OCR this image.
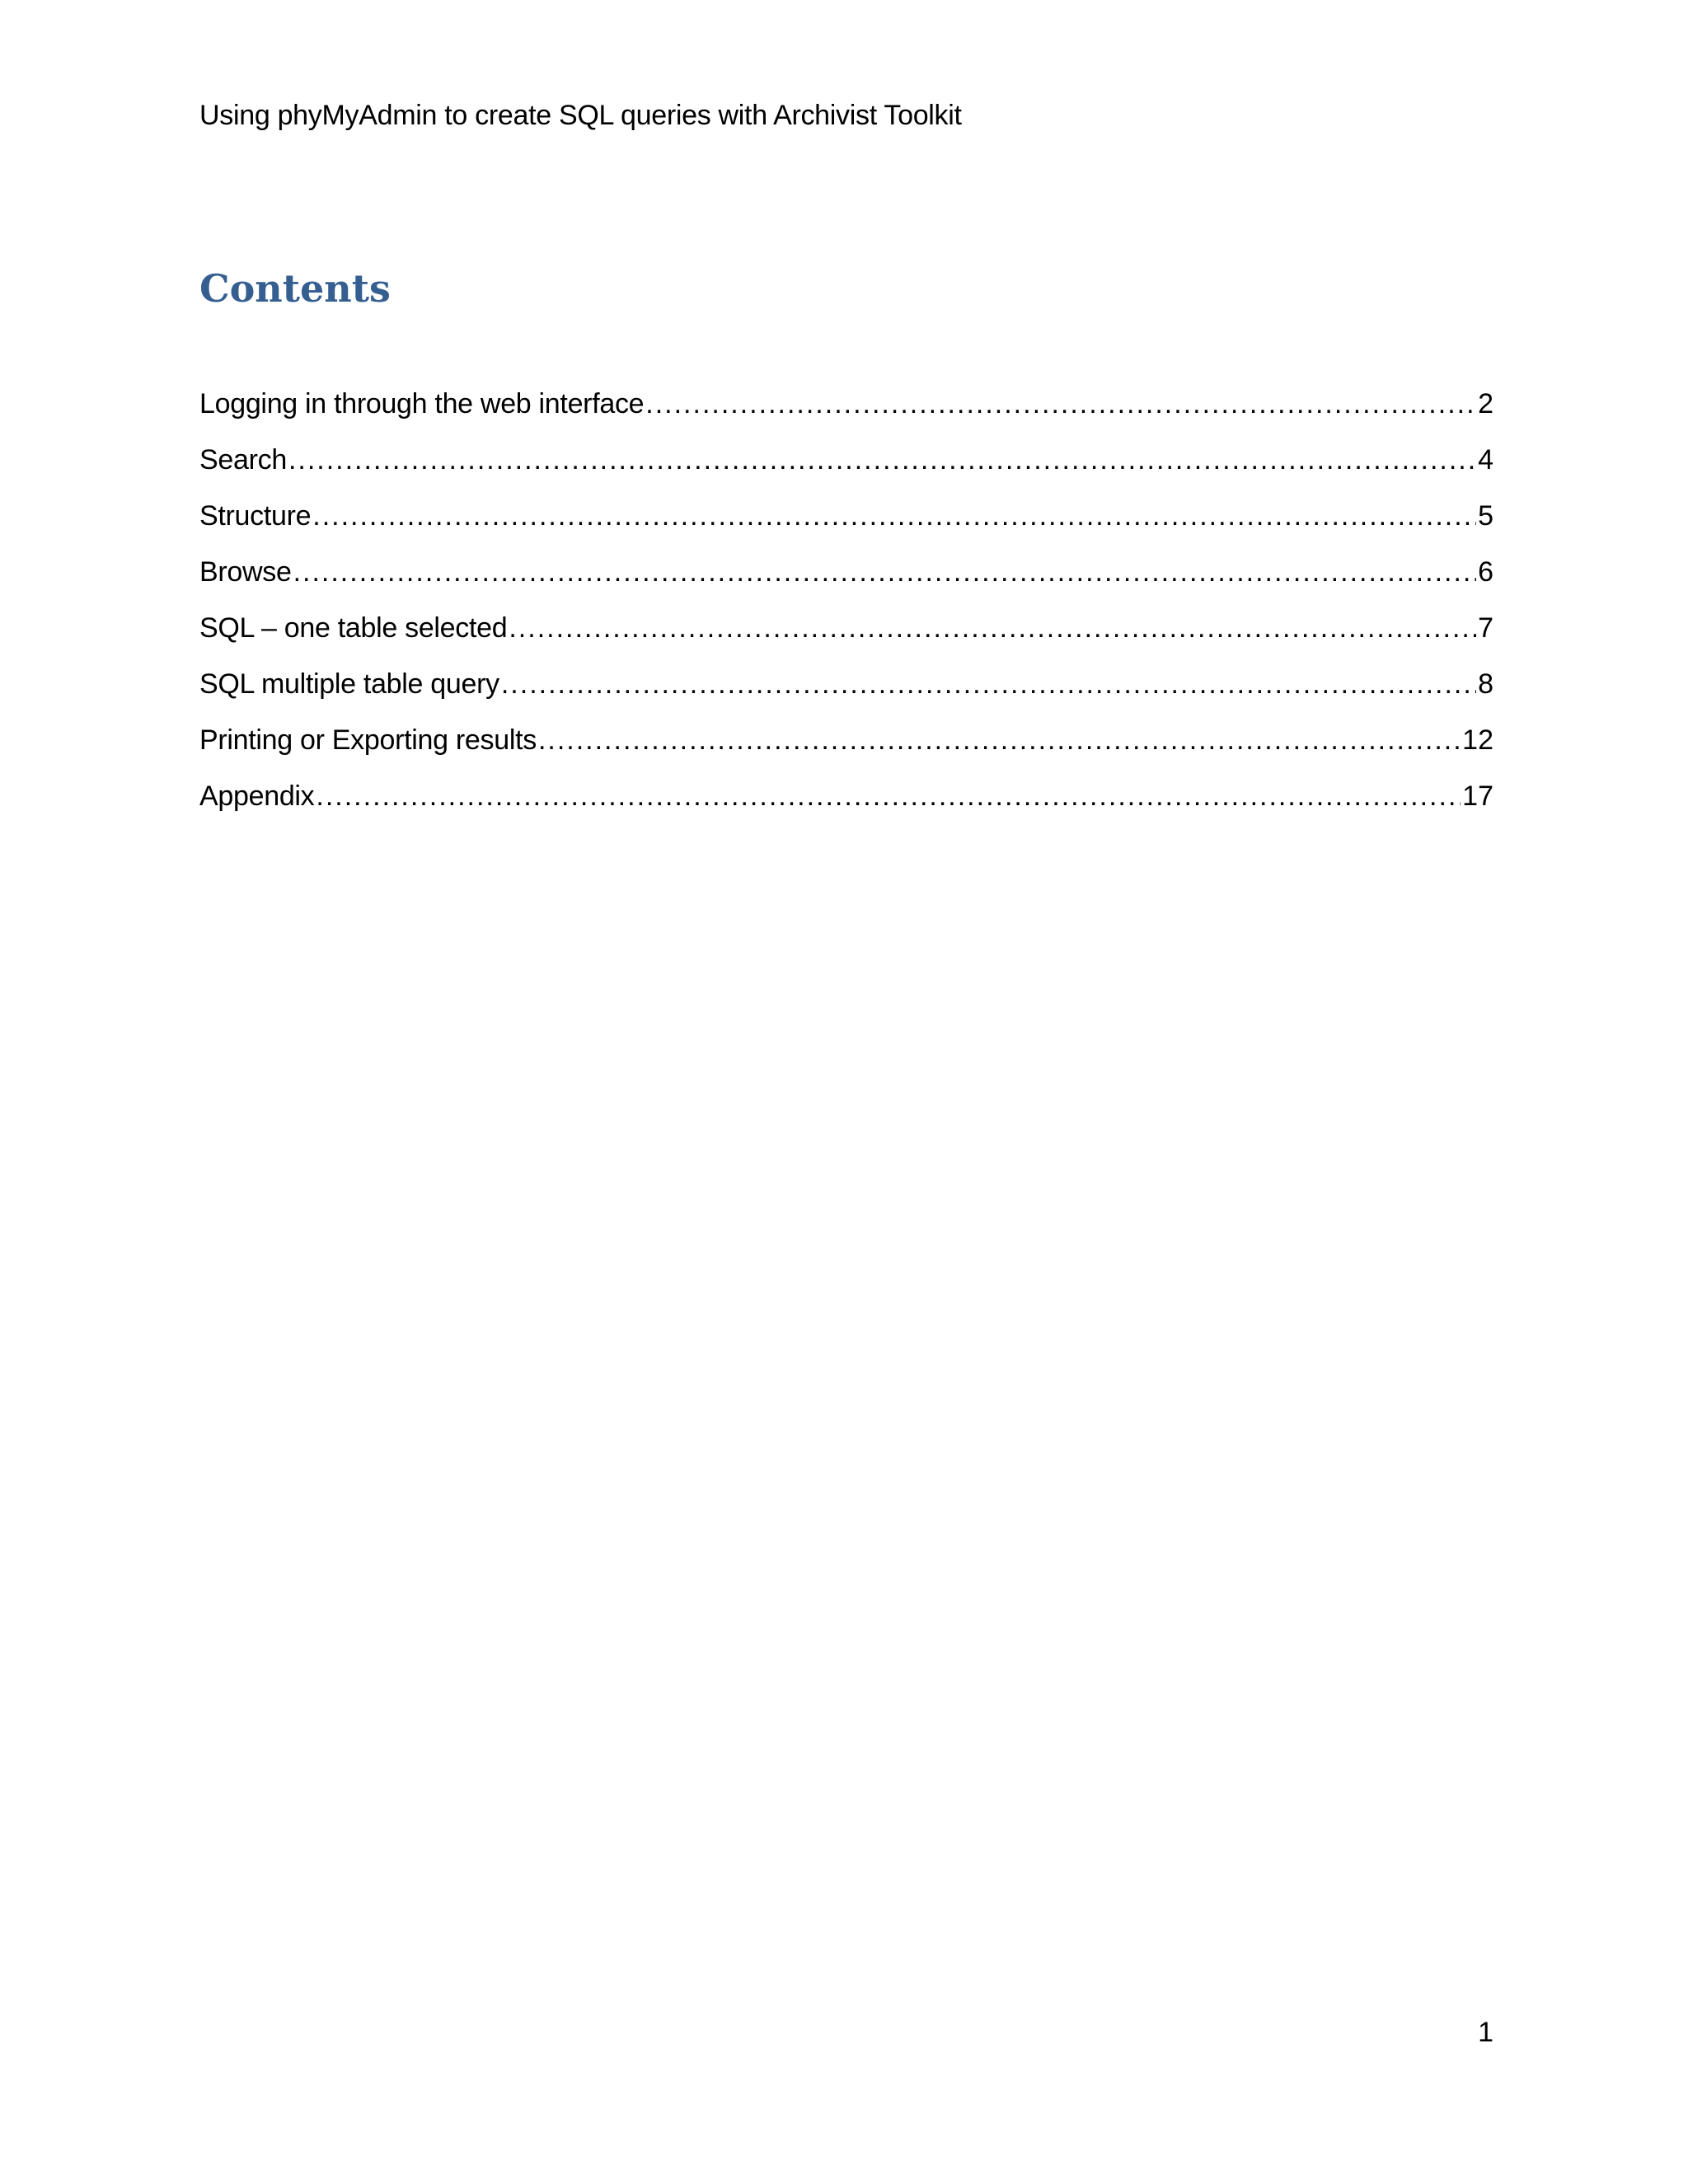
Using phyMyAdmin to create SQL queries with Archivist Toolkit
Contents
Logging in through the web interface .....	2
Search .....	4
Structure .....	5
Browse .....	6
SQL – one table selected .....	7
SQL multiple table query .....	8
Printing or Exporting results .....	12
Appendix .....	17
1
